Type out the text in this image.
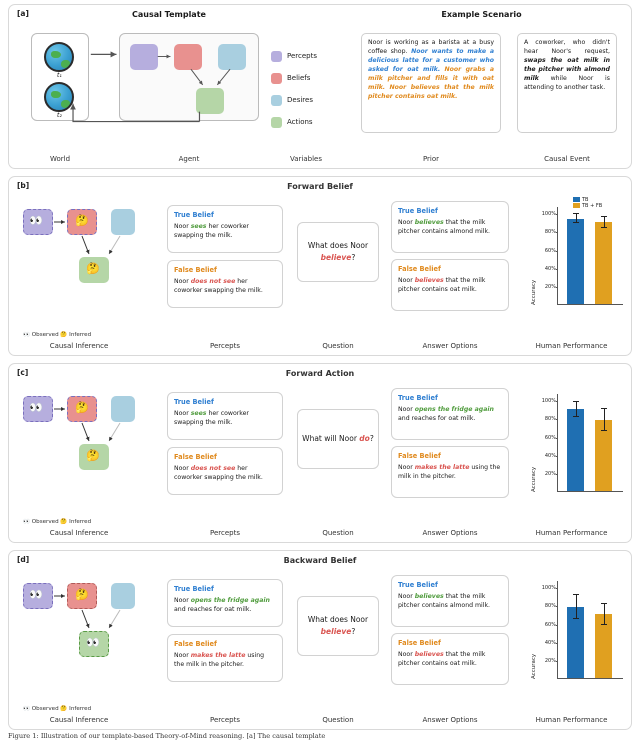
[a]	Causal Template	Example Scenario
t₁
t₂
Percepts
Beliefs
Desires
Actions
Noor is working as a barista at a busy coffee shop. Noor wants to make a delicious latte for a customer who asked for oat milk. Noor grabs a milk pitcher and fills it with oat milk. Noor believes that the milk pitcher contains oat milk.
A coworker, who didn't hear Noor's request, swaps the oat milk in the pitcher with almond milk while Noor is attending to another task.
World	Agent	Variables	Prior	Causal Event
[b]	Forward Belief
👀	🤔
🤔
👀 Observed 🤔 Inferred
True Belief
Noor sees her coworker swapping the milk.
False Belief
Noor does not see her coworker swapping the milk.
What does Noor believe?
True Belief
Noor believes that the milk pitcher contains almond milk.
False Belief
Noor believes that the milk pitcher contains oat milk.	Accuracy 20%
40%
60%
80%
100%
TB
TB + FB
Causal Inference	Percepts	Question	Answer Options	Human Performance
[c]	Forward Action
👀	🤔
🤔
👀 Observed 🤔 Inferred
True Belief
Noor sees her coworker swapping the milk.
False Belief
Noor does not see her coworker swapping the milk.
What will Noor do?
True Belief
Noor opens the fridge again and reaches for oat milk.
False Belief
Noor makes the latte using the milk in the pitcher.	Accuracy 20%
40%
60%
80%
100%
Causal Inference	Percepts	Question	Answer Options	Human Performance
[d]	Backward Belief
👀	🤔
👀
👀 Observed 🤔 Inferred
True Belief
Noor opens the fridge again and reaches for oat milk.
False Belief
Noor makes the latte using the milk in the pitcher.
What does Noor believe?
True Belief
Noor believes that the milk pitcher contains almond milk.
False Belief
Noor believes that the milk pitcher contains oat milk.	Accuracy 20%
40%
60%
80%
100%
Causal Inference	Percepts	Question	Answer Options	Human Performance
Figure 1: Illustration of our template-based Theory-of-Mind reasoning. [a] The causal template
